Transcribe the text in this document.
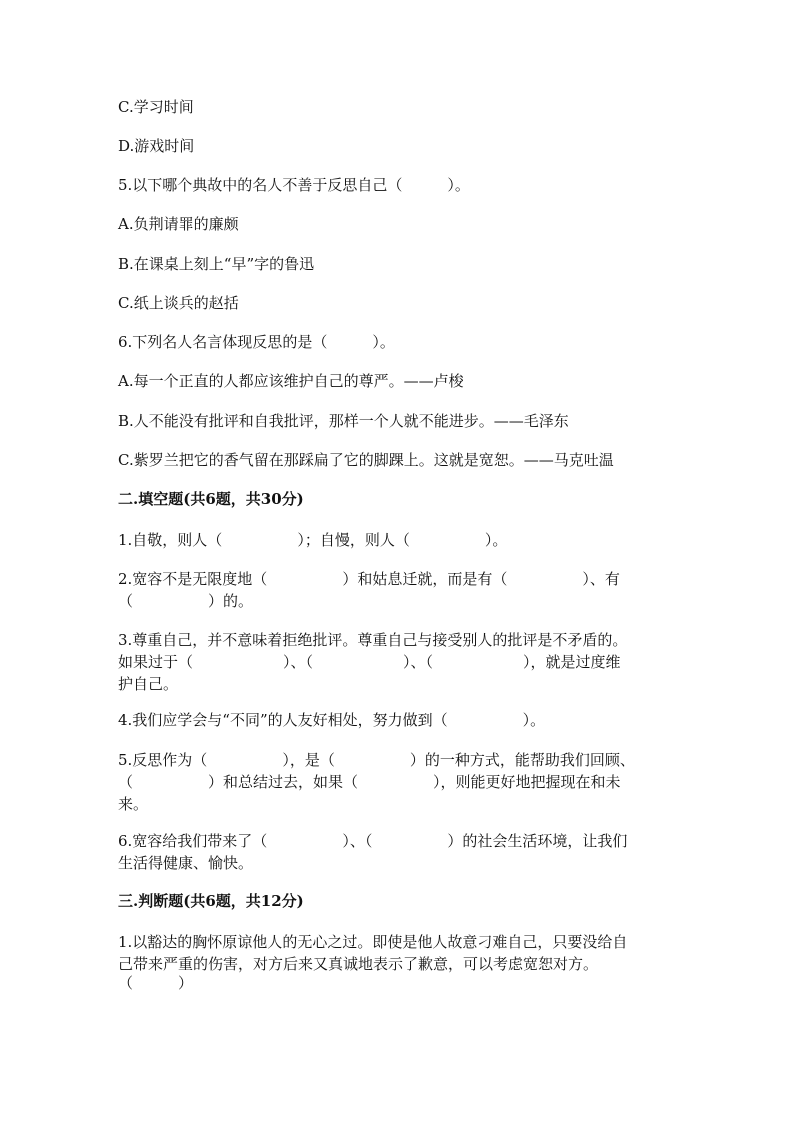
C.学习时间
D.游戏时间
5.以下哪个典故中的名人不善于反思自己（　　　）。
A.负荆请罪的廉颇
B.在课桌上刻上“早”字的鲁迅
C.纸上谈兵的赵括
6.下列名人名言体现反思的是（　　　）。
A.每一个正直的人都应该维护自己的尊严。——卢梭
B.人不能没有批评和自我批评，那样一个人就不能进步。——毛泽东
C.紫罗兰把它的香气留在那踩扁了它的脚踝上。这就是宽恕。——马克吐温
二.填空题(共6题，共30分)
1.自敬，则人（　　　　　）；自慢，则人（　　　　　）。
2.宽容不是无限度地（　　　　　）和姑息迁就，而是有（　　　　　）、有
（　　　　　）的。
3.尊重自己，并不意味着拒绝批评。尊重自己与接受别人的批评是不矛盾的。
如果过于（　　　　　　）、（　　　　　　）、（　　　　　　），就是过度维
护自己。
4.我们应学会与“不同”的人友好相处，努力做到（　　　　　）。
5.反思作为（　　　　　），是（　　　　　）的一种方式，能帮助我们回顾、
（　　　　　）和总结过去，如果（　　　　　），则能更好地把握现在和未
来。
6.宽容给我们带来了（　　　　　）、（　　　　　）的社会生活环境，让我们
生活得健康、愉快。
三.判断题(共6题，共12分)
1.以豁达的胸怀原谅他人的无心之过。即使是他人故意刁难自己，只要没给自
己带来严重的伤害，对方后来又真诚地表示了歉意，可以考虑宽恕对方。
（　　　）
